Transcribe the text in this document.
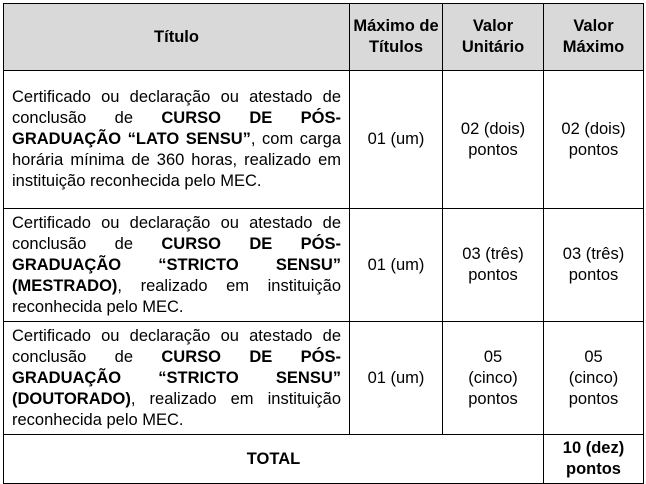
Título	Máximo de Títulos	Valor Unitário	Valor Máximo
Certificado ou declaração ou atestado de conclusão de CURSO DE PÓS-GRADUAÇÃO “LATO SENSU”, com carga horária mínima de 360 horas, realizado em instituição reconhecida pelo MEC.	01 (um)	02 (dois) pontos	02 (dois) pontos
Certificado ou declaração ou atestado de conclusão de CURSO DE PÓS-GRADUAÇÃO “STRICTO SENSU” (MESTRADO), realizado em instituição reconhecida pelo MEC.	01 (um)	03 (três) pontos	03 (três) pontos
Certificado ou declaração ou atestado de conclusão de CURSO DE PÓS-GRADUAÇÃO “STRICTO SENSU” (DOUTORADO), realizado em instituição reconhecida pelo MEC.	01 (um)	05 (cinco) pontos	05 (cinco) pontos
TOTAL			10 (dez) pontos
